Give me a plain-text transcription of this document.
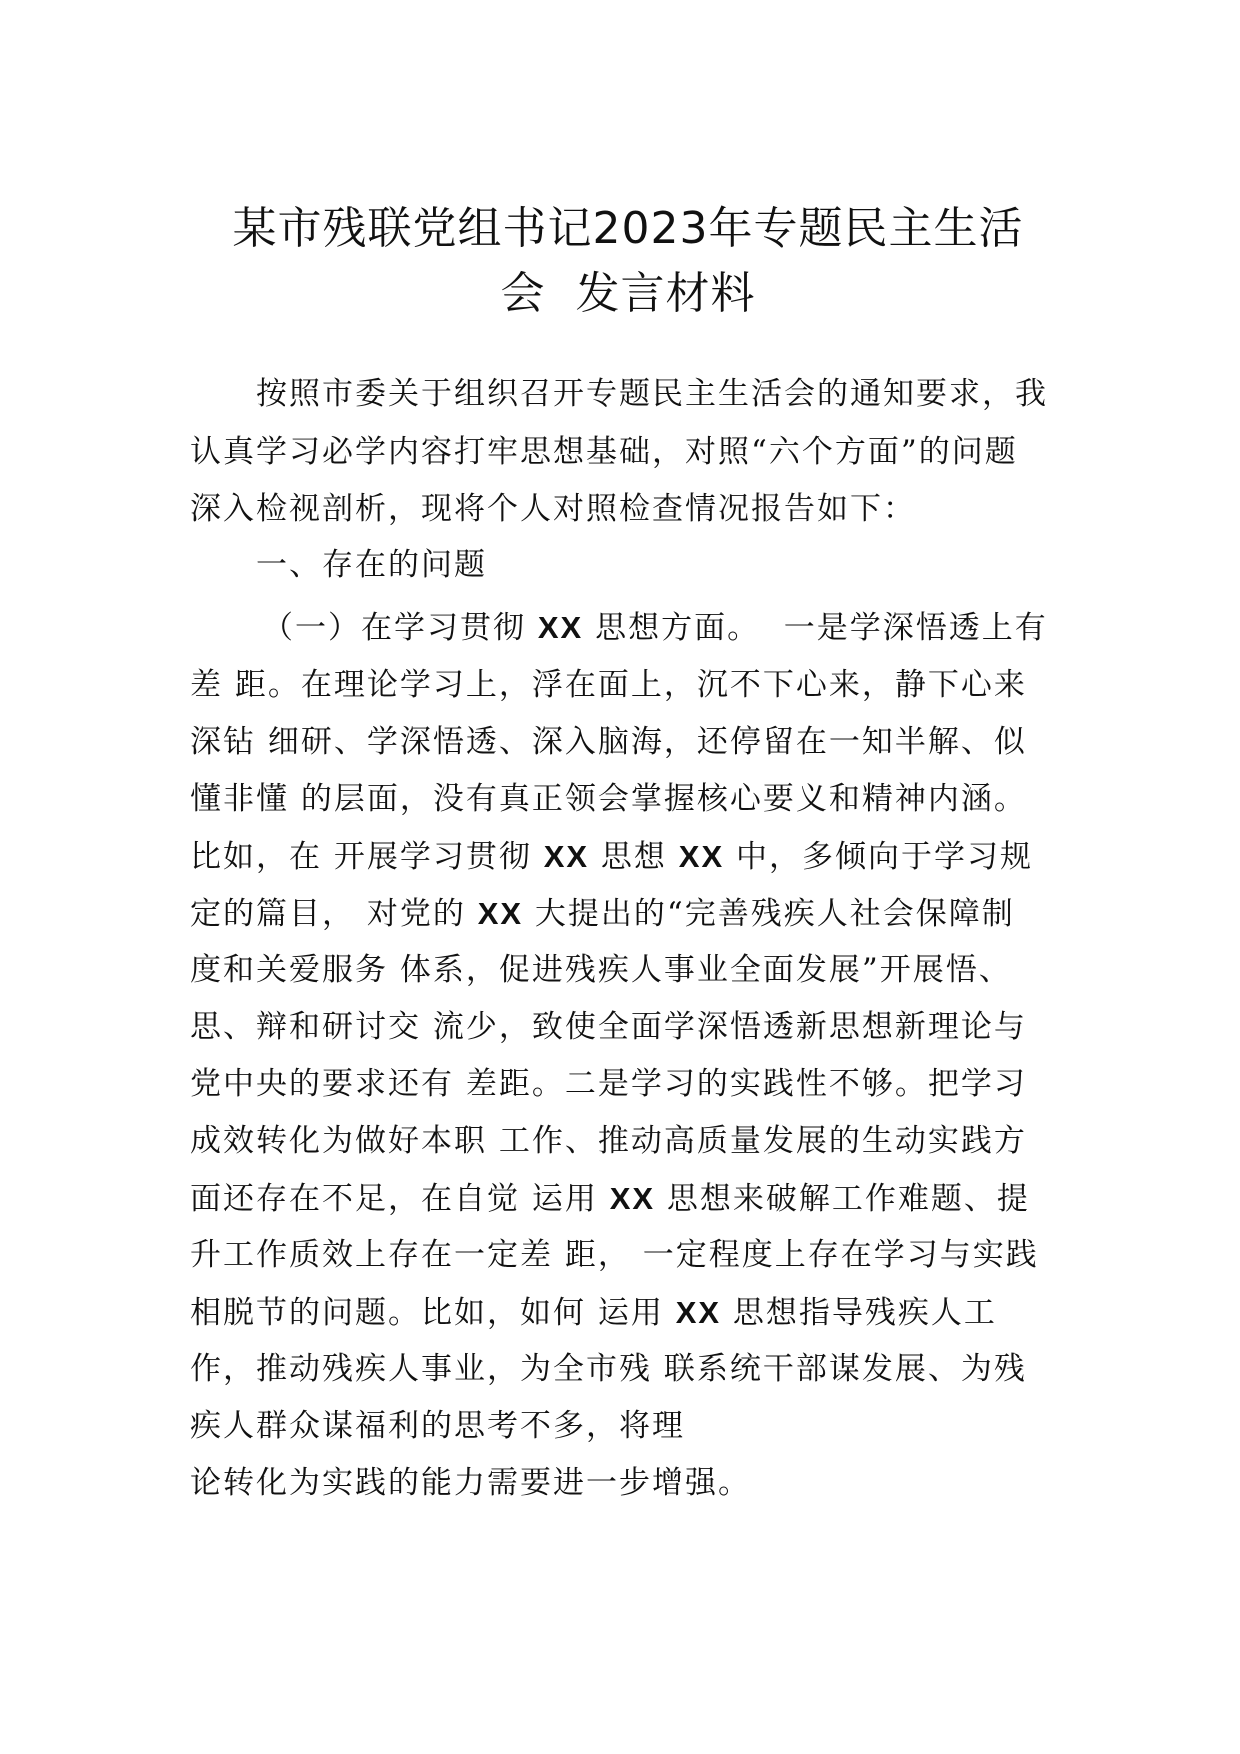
某市残联党组书记2023年专题民主生活
会  发言材料
按照市委关于组织召开专题民主生活会的通知要求，我
认真学习必学内容打牢思想基础，对照“六个方面”的问题
深入检视剖析，现将个人对照检查情况报告如下：
一、存在的问题
（一）在学习贯彻 XX 思想方面。  一是学深悟透上有
差 距。在理论学习上，浮在面上，沉不下心来，静下心来
深钻 细研、学深悟透、深入脑海，还停留在一知半解、似
懂非懂 的层面，没有真正领会掌握核心要义和精神内涵。
比如，在 开展学习贯彻 XX 思想 XX 中，多倾向于学习规
定的篇目， 对党的 XX 大提出的“完善残疾人社会保障制
度和关爱服务 体系，促进残疾人事业全面发展”开展悟、
思、辩和研讨交 流少，致使全面学深悟透新思想新理论与
党中央的要求还有 差距。二是学习的实践性不够。把学习
成效转化为做好本职 工作、推动高质量发展的生动实践方
面还存在不足，在自觉 运用 XX 思想来破解工作难题、提
升工作质效上存在一定差 距， 一定程度上存在学习与实践
相脱节的问题。比如，如何 运用 XX 思想指导残疾人工
作，推动残疾人事业，为全市残 联系统干部谋发展、为残
疾人群众谋福利的思考不多，将理
论转化为实践的能力需要进一步增强。
